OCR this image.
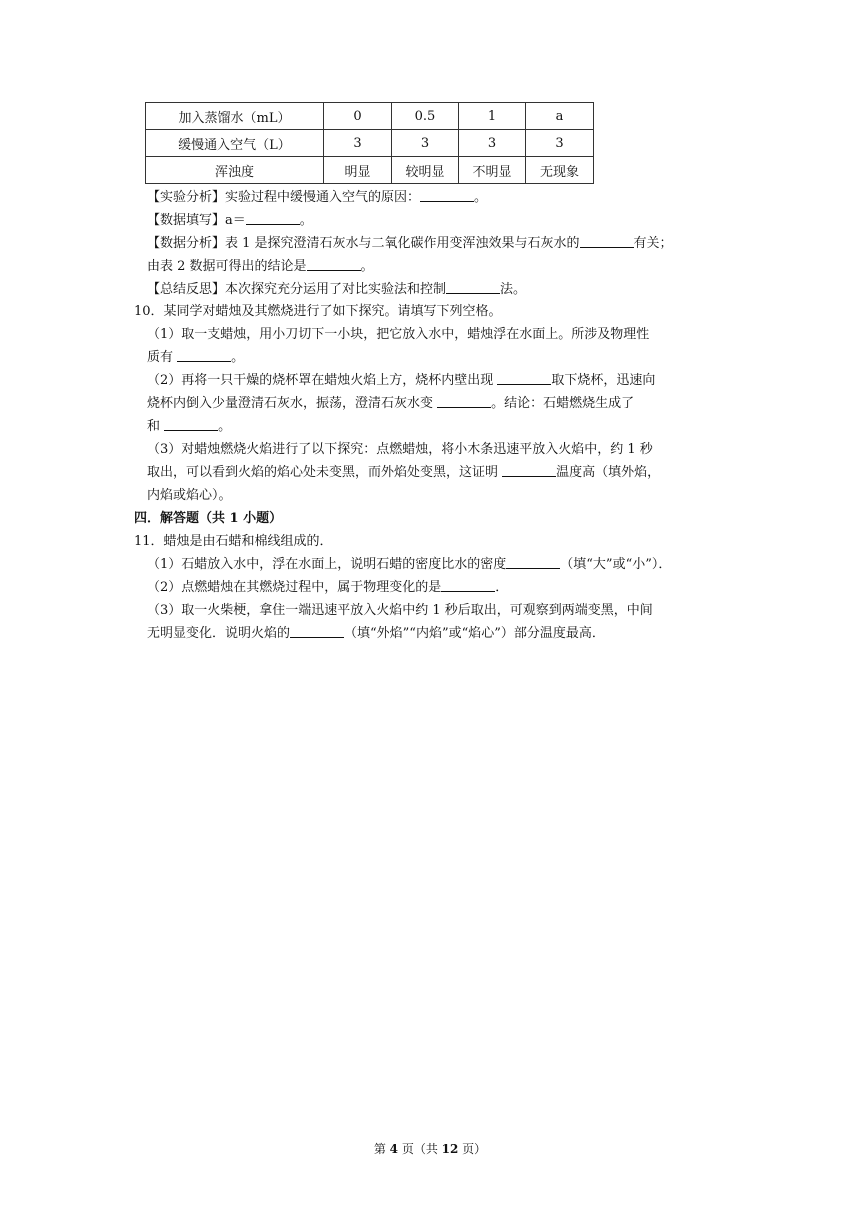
加入蒸馏水（mL）	0	0.5	1	a
缓慢通入空气（L）	3	3	3	3
浑浊度	明显	较明显	不明显	无现象
【实验分析】实验过程中缓慢通入空气的原因：	。
【数据填写】a＝	。
【数据分析】表 1 是探究澄清石灰水与二氧化碳作用变浑浊效果与石灰水的	有关；
由表 2 数据可得出的结论是	。
【总结反思】本次探究充分运用了对比实验法和控制	法。
10．某同学对蜡烛及其燃烧进行了如下探究。请填写下列空格。
（1）取一支蜡烛，用小刀切下一小块，把它放入水中，蜡烛浮在水面上。所涉及物理性
质有	。
（2）再将一只干燥的烧杯罩在蜡烛火焰上方，烧杯内壁出现	取下烧杯，迅速向
烧杯内倒入少量澄清石灰水，振荡，澄清石灰水变	。结论：石蜡燃烧生成了
和	。
（3）对蜡烛燃烧火焰进行了以下探究：点燃蜡烛，将小木条迅速平放入火焰中，约 1 秒
取出，可以看到火焰的焰心处未变黑，而外焰处变黑，这证明	温度高（填外焰，
内焰或焰心）。
四．解答题（共 1 小题）
11．蜡烛是由石蜡和棉线组成的．
（1）石蜡放入水中，浮在水面上，说明石蜡的密度比水的密度	（填“大”或“小”）．
（2）点燃蜡烛在其燃烧过程中，属于物理变化的是	．
（3）取一火柴梗，拿住一端迅速平放入火焰中约 1 秒后取出，可观察到两端变黑，中间
无明显变化．说明火焰的	（填“外焰”“内焰”或“焰心”）部分温度最高．
第 4 页（共 12 页）
